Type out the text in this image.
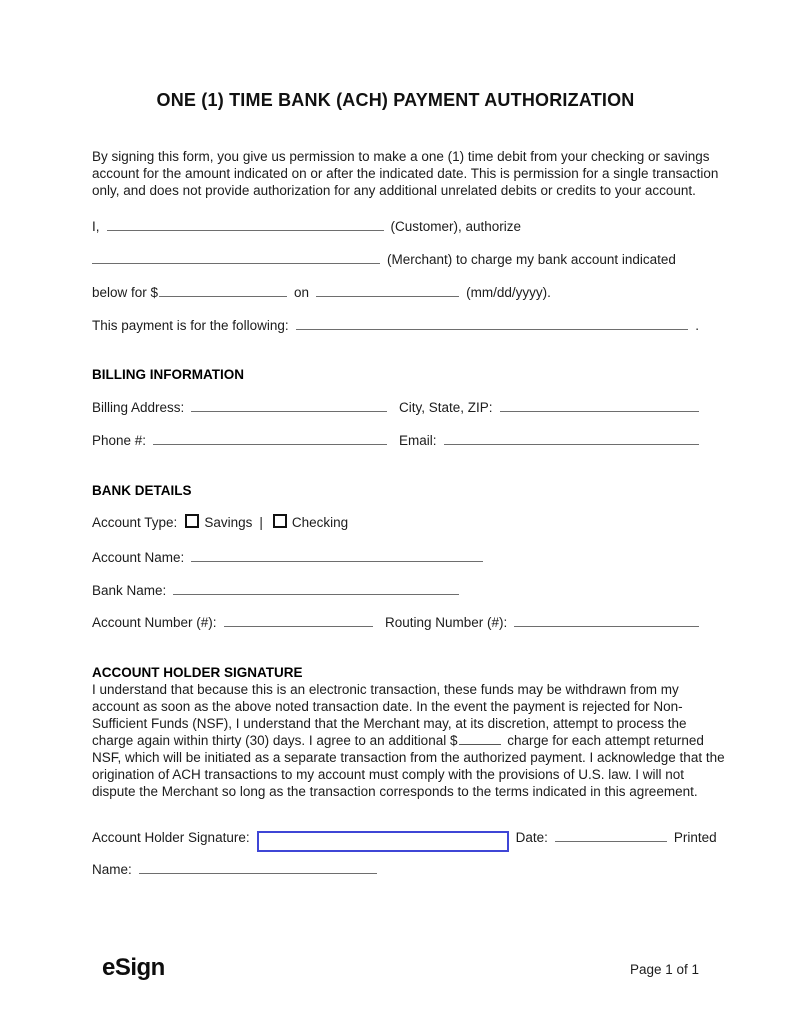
ONE (1) TIME BANK (ACH) PAYMENT AUTHORIZATION

By signing this form, you give us permission to make a one (1) time debit from your checking or savings account for the amount indicated on or after the indicated date. This is permission for a single transaction only, and does not provide authorization for any additional unrelated debits or credits to your account.

I,	(Customer), authorize
(Merchant) to charge my bank account indicated
below for $	on	(mm/dd/yyyy).
This payment is for the following:	.
BILLING INFORMATION
Billing Address:	City, State, ZIP:
Phone #:	Email:
BANK DETAILS
Account Type: Savings | Checking
Account Name:
Bank Name:
Account Number (#):	Routing Number (#):
ACCOUNT HOLDER SIGNATURE

I understand that because this is an electronic transaction, these funds may be withdrawn from my account as soon as the above noted transaction date. In the event the payment is rejected for Non-Sufficient Funds (NSF), I understand that the Merchant may, at its discretion, attempt to process the charge again within thirty (30) days. I agree to an additional $	charge for each attempt returned NSF, which will be initiated as a separate transaction from the authorized payment. I acknowledge that the origination of ACH transactions to my account must comply with the provisions of U.S. law. I will not dispute the Merchant so long as the transaction corresponds to the terms indicated in this agreement.

Account Holder Signature:	Date:	Printed
Name:
eSign	Page 1 of 1
